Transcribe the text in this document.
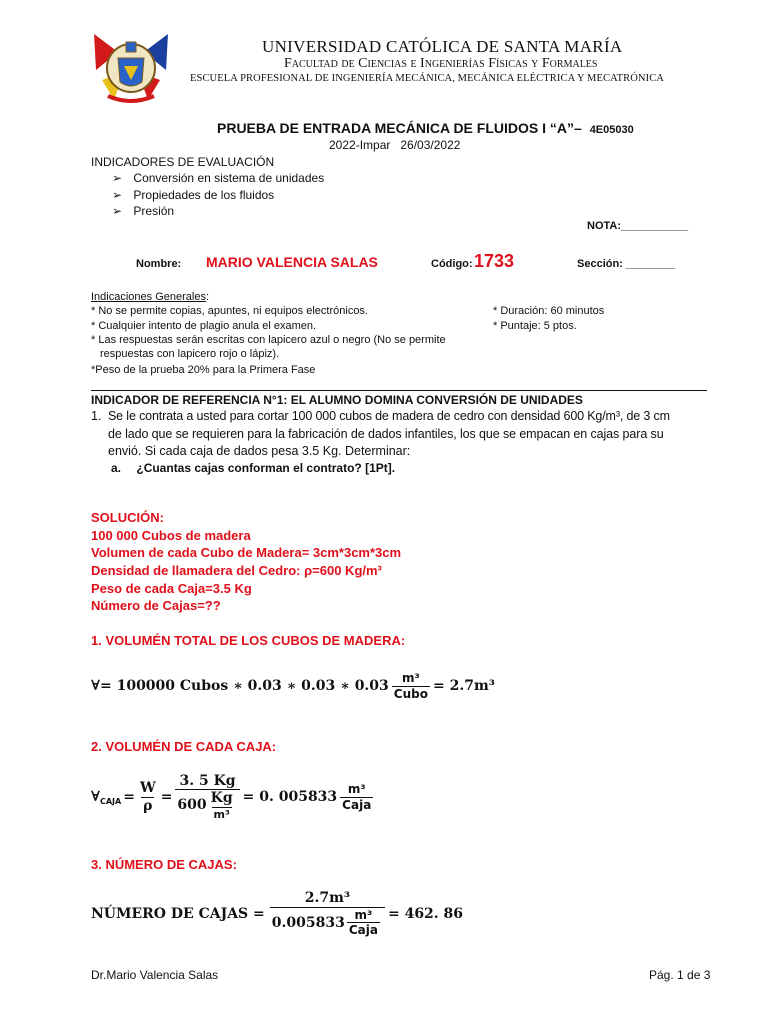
UNIVERSIDAD CATÓLICA DE SANTA MARÍA
Facultad de Ciencias e Ingenierías Físicas y Formales
ESCUELA PROFESIONAL DE INGENIERÍA MECÁNICA, MECÁNICA ELÉCTRICA Y MECATRÓNICA
PRUEBA DE ENTRADA MECÁNICA DE FLUIDOS I “A”– 4E05030
2022-Impar   26/03/2022
INDICADORES DE EVALUACIÓN
➢ Conversión en sistema de unidades
➢ Propiedades de los fluidos
➢ Presión
NOTA:___________
Nombre: MARIO VALENCIA SALAS	Código: 1733	Sección: ________
Indicaciones Generales:
* No se permite copias, apuntes, ni equipos electrónicos.
* Cualquier intento de plagio anula el examen.
* Las respuestas serán escritas con lapicero azul o negro (No se permite
respuestas con lapicero rojo o lápiz).
*Peso de la prueba 20% para la Primera Fase
* Duración: 60 minutos
* Puntaje: 5 ptos.
INDICADOR DE REFERENCIA N°1: EL ALUMNO DOMINA CONVERSIÓN DE UNIDADES
1. Se le contrata a usted para cortar 100 000 cubos de madera de cedro con densidad 600 Kg/m³, de 3 cm
de lado que se requieren para la fabricación de dados infantiles, los que se empacan en cajas para su
envió. Si cada caja de dados pesa 3.5 Kg. Determinar:
a. ¿Cuantas cajas conforman el contrato? [1Pt].
SOLUCIÓN:
100 000 Cubos de madera
Volumen de cada Cubo de Madera= 3cm*3cm*3cm
Densidad de llamadera del Cedro: ρ=600 Kg/m³
Peso de cada Caja=3.5 Kg
Número de Cajas=??
1. VOLUMÉN TOTAL DE LOS CUBOS DE MADERA:
∀= 100000 Cubos ∗ 0.03 ∗ 0.03 ∗ $0.03 \frac{\text{m³}}{\text{Cubo}} = 2.7m^3$
2. VOLUMÉN DE CADA CAJA:
∀ CAJA = $\frac{W}{\rho} = \frac{3. 5 Kg}{600 \frac{Kg}{\text{m³}}} = 0$. $005833 \frac{\text{m³}}{\text{Caja}}$
3. NÚMERO DE CAJAS:
NÚMERO DE CAJAS = $\frac{\text{2.7m³}}{0.005833 \frac{\text{m³}}{\text{Caja}}} = 462$. 86
Dr.Mario Valencia Salas	Pág. 1 de 3
